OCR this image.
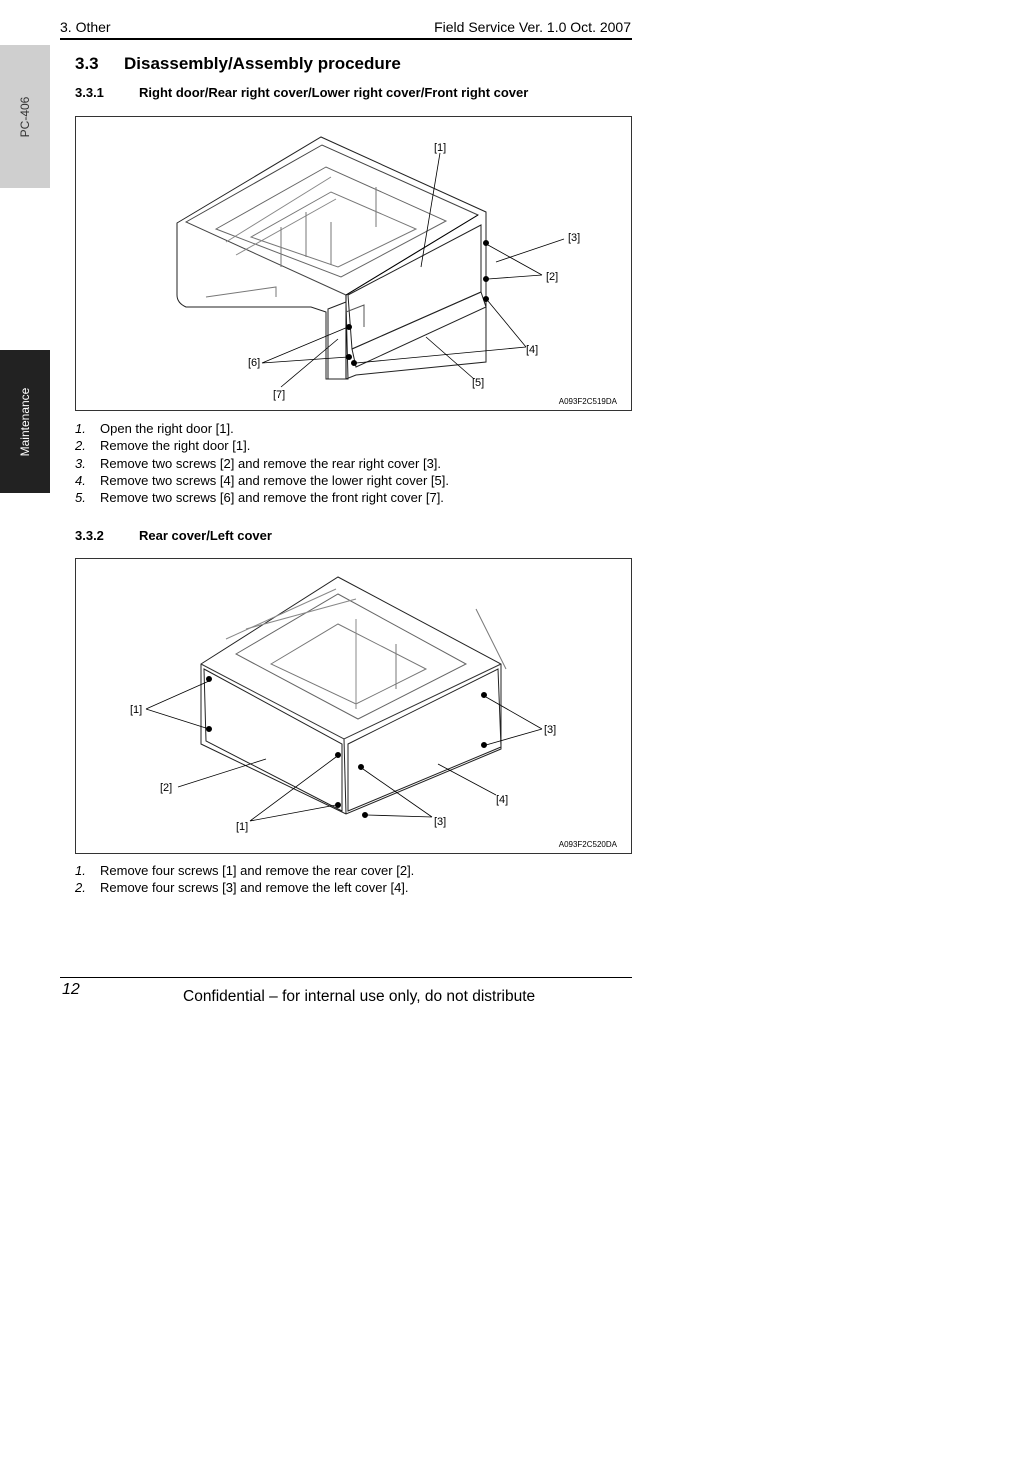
3. Other	Field Service Ver. 1.0 Oct. 2007
PC-406
Maintenance
3.3 Disassembly/Assembly procedure
3.3.1	Right door/Rear right cover/Lower right cover/Front right cover
[1]
[2]
[3]
[4]
[5]
[6]
[7]
A093F2C519DA
1. Open the right door [1].
2. Remove the right door [1].
3. Remove two screws [2] and remove the rear right cover [3].
4. Remove two screws [4] and remove the lower right cover [5].
5. Remove two screws [6] and remove the front right cover [7].
3.3.2	Rear cover/Left cover
[1]
[2]
[3]
[4]
[3]
[1]
A093F2C520DA
1. Remove four screws [1] and remove the rear cover [2].
2. Remove four screws [3] and remove the left cover [4].
12	Confidential – for internal use only, do not distribute
